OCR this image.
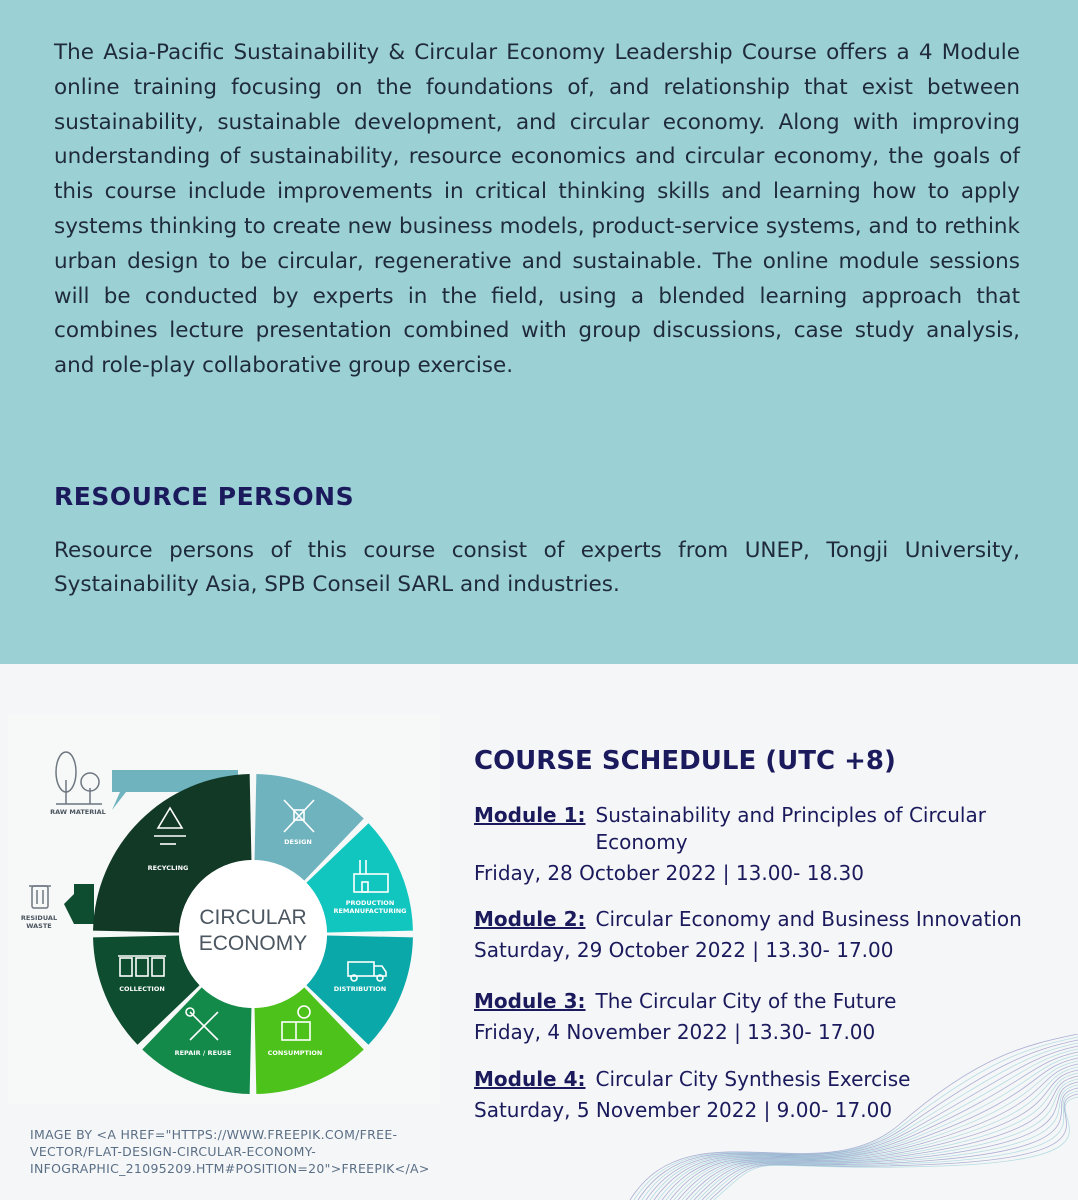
The Asia-Pacific Sustainability & Circular Economy Leadership Course offers a 4 Module online training focusing on the foundations of, and relationship that exist between sustainability, sustainable development, and circular economy. Along with improving understanding of sustainability, resource economics and circular economy, the goals of this course include improvements in critical thinking skills and learning how to apply systems thinking to create new business models, product-service systems, and to rethink urban design to be circular, regenerative and sustainable. The online module sessions will be conducted by experts in the field, using a blended learning approach that combines lecture presentation combined with group discussions, case study analysis, and role-play collaborative group exercise.

RESOURCE PERSONS

Resource persons of this course consist of experts from UNEP, Tongji University, Systainability Asia, SPB Conseil SARL and industries.

CIRCULAR
ECONOMY
RAW MATERIAL
RESIDUAL
WASTE
DESIGN
PRODUCTION
REMANUFACTURING
DISTRIBUTION
CONSUMPTION
REPAIR / REUSE
COLLECTION
RECYCLING

IMAGE BY <A HREF="HTTPS://WWW.FREEPIK.COM/FREE-VECTOR/FLAT-DESIGN-CIRCULAR-ECONOMY-INFOGRAPHIC_21095209.HTM#POSITION=20">FREEPIK</A>

COURSE SCHEDULE (UTC +8)
Module 1: Sustainability and Principles of Circular Economy
Friday, 28 October 2022 | 13.00- 18.30
Module 2: Circular Economy and Business Innovation
Saturday, 29 October 2022 | 13.30- 17.00
Module 3: The Circular City of the Future
Friday, 4 November 2022 | 13.30- 17.00
Module 4: Circular City Synthesis Exercise
Saturday, 5 November 2022 | 9.00- 17.00
